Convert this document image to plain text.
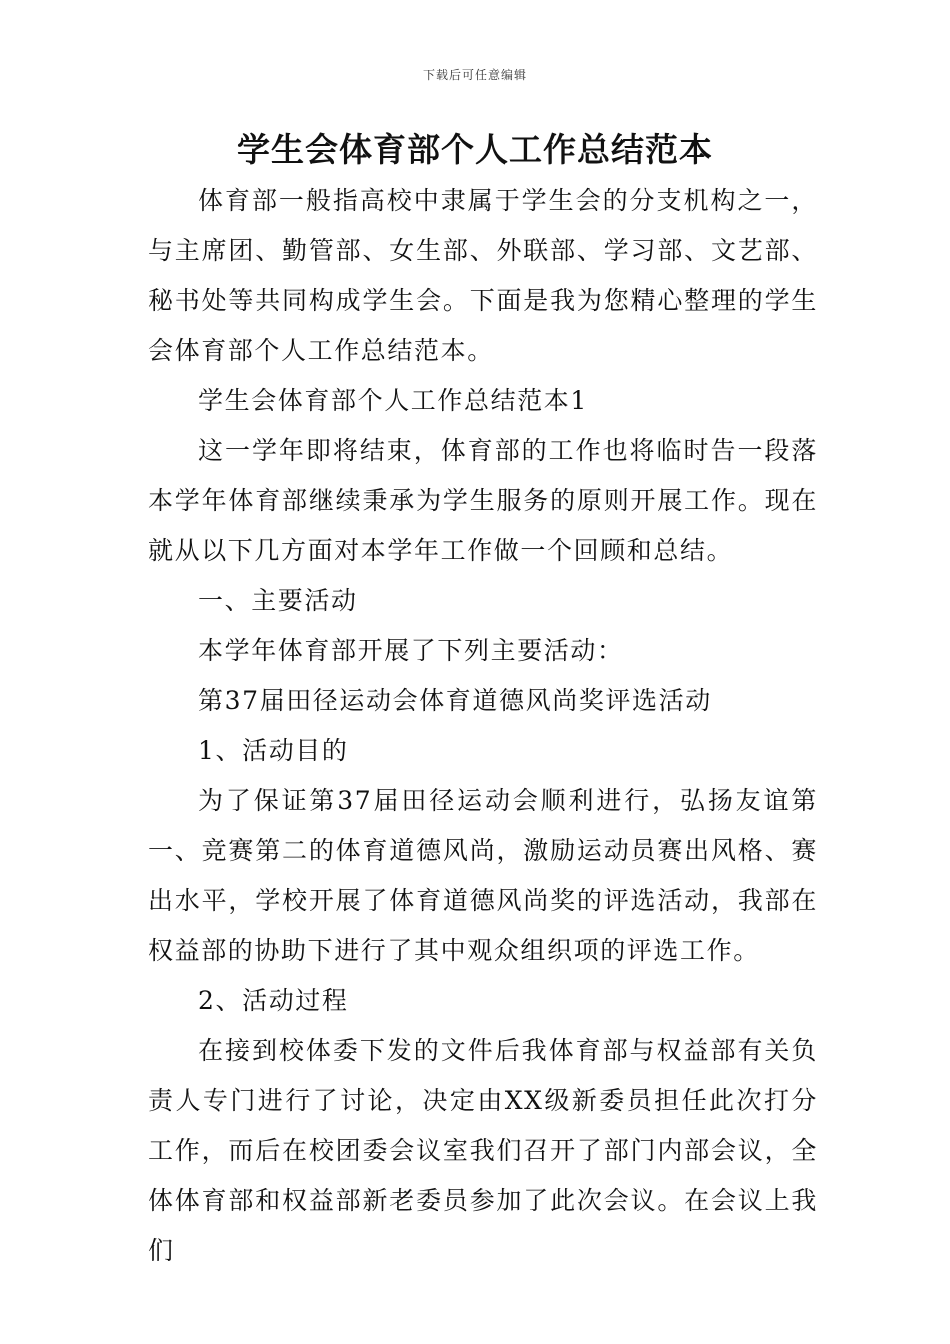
下载后可任意编辑
学生会体育部个人工作总结范本

体育部一般指高校中隶属于学生会的分支机构之一，与主席团、勤管部、女生部、外联部、学习部、文艺部、秘书处等共同构成学生会。下面是我为您精心整理的学生会体育部个人工作总结范本。

学生会体育部个人工作总结范本1

这一学年即将结束，体育部的工作也将临时告一段落本学年体育部继续秉承为学生服务的原则开展工作。现在就从以下几方面对本学年工作做一个回顾和总结。

一、主要活动

本学年体育部开展了下列主要活动：

第37届田径运动会体育道德风尚奖评选活动

1、活动目的

为了保证第37届田径运动会顺利进行，弘扬友谊第一、竞赛第二的体育道德风尚，激励运动员赛出风格、赛出水平，学校开展了体育道德风尚奖的评选活动，我部在权益部的协助下进行了其中观众组织项的评选工作。

2、活动过程

在接到校体委下发的文件后我体育部与权益部有关负责人专门进行了讨论，决定由XX级新委员担任此次打分工作，而后在校团委会议室我们召开了部门内部会议，全体体育部和权益部新老委员参加了此次会议。在会议上我们
